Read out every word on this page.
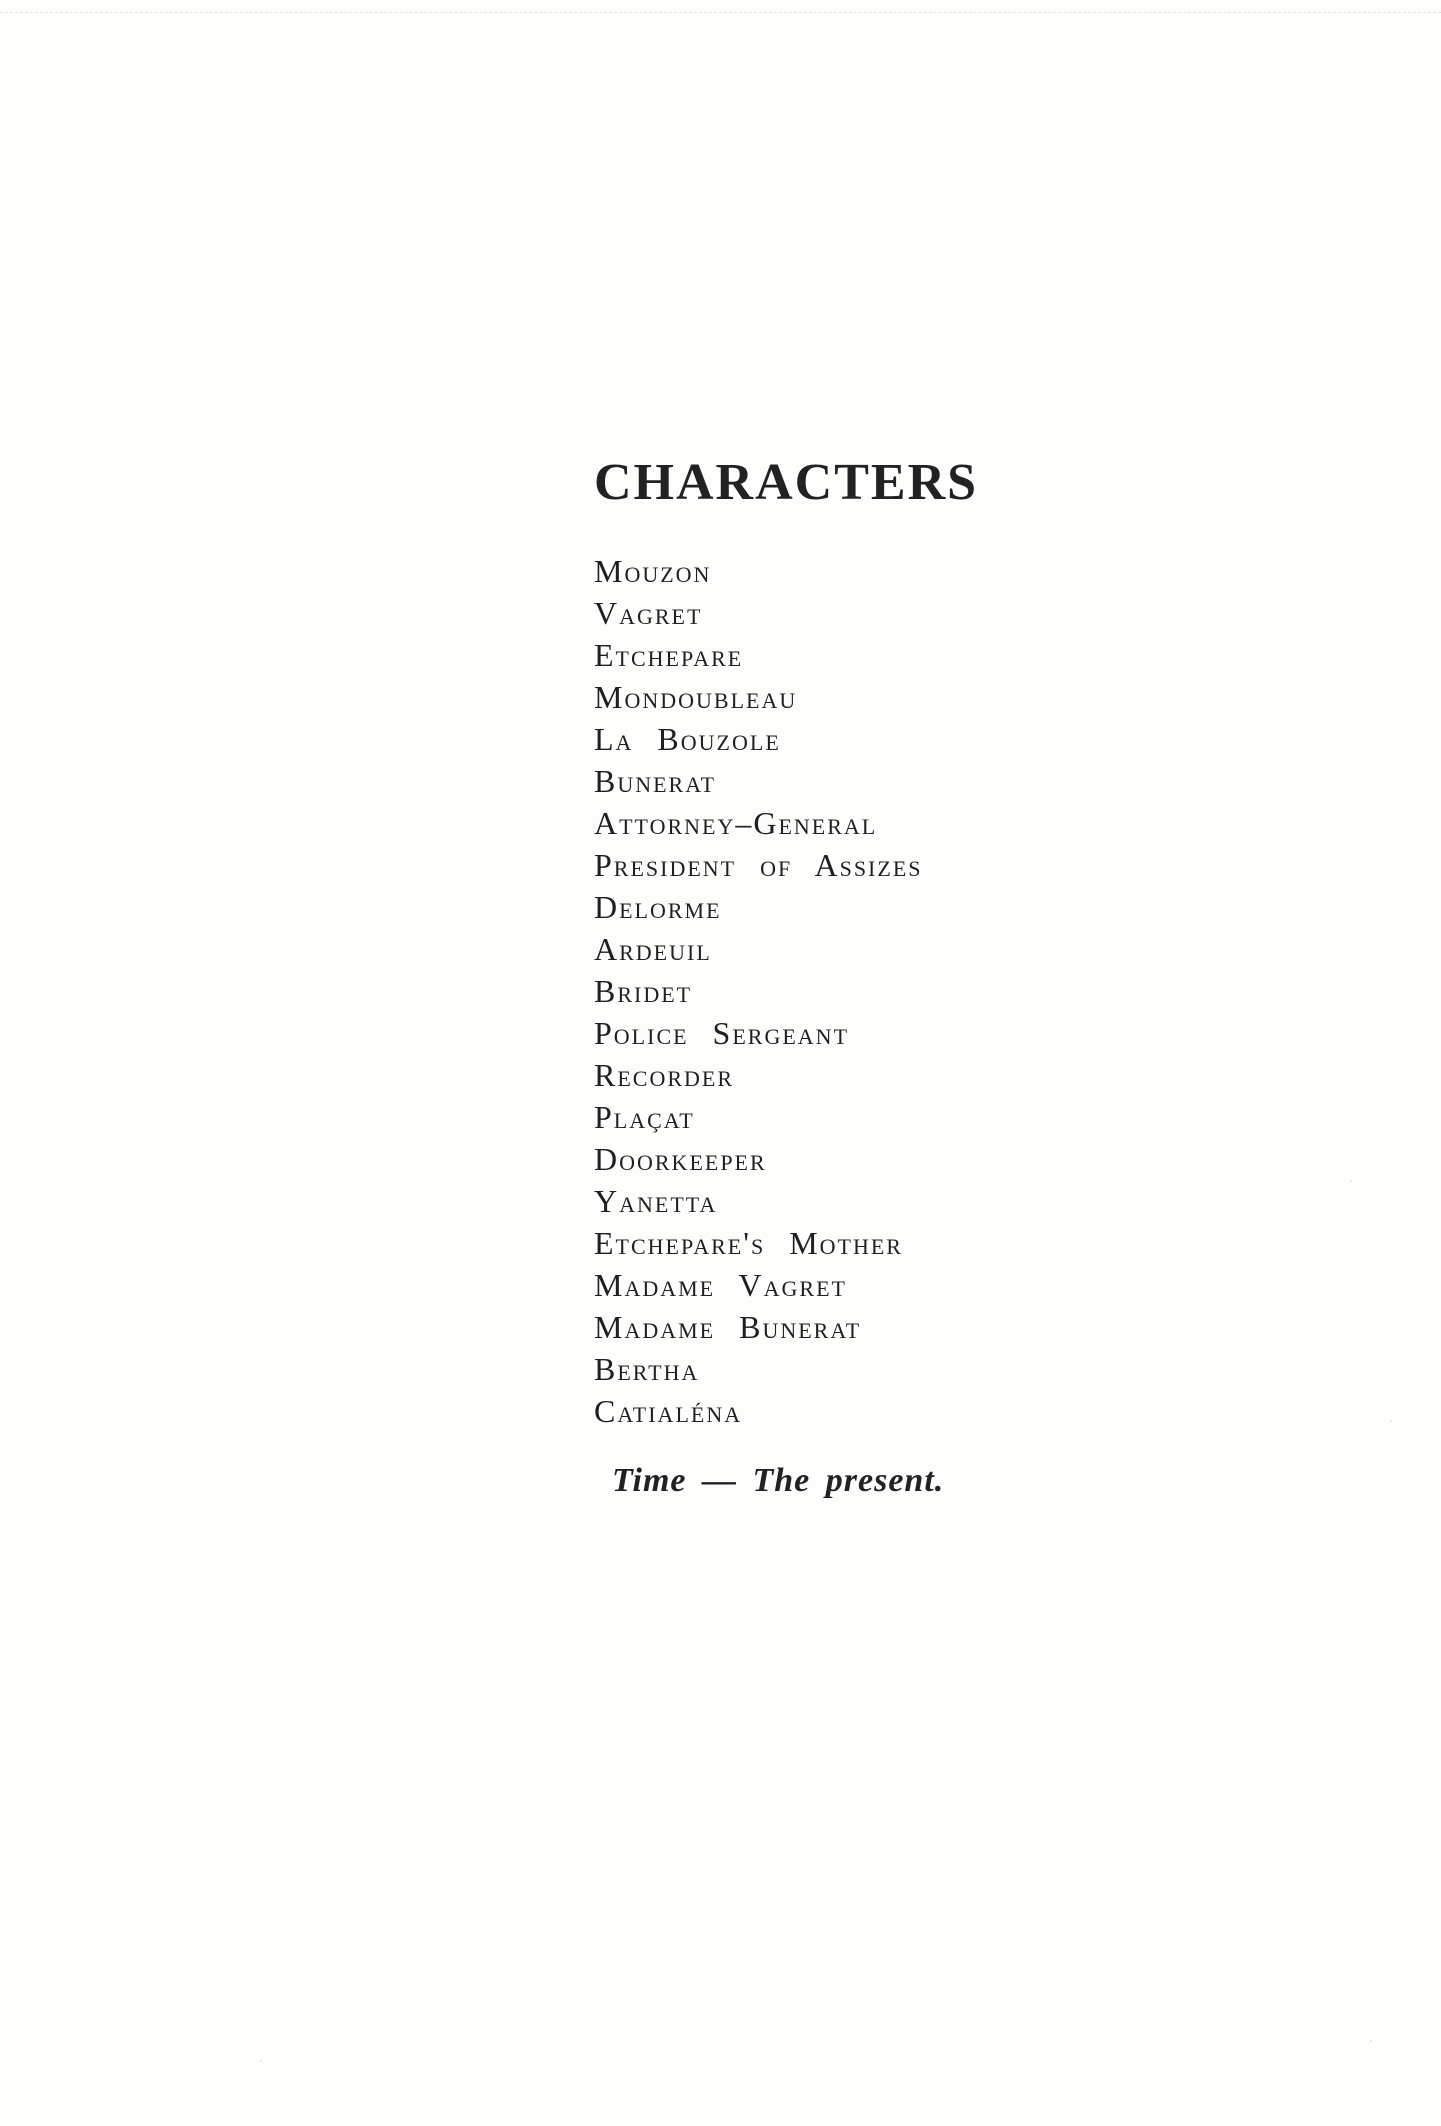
CHARACTERS
Mouzon
Vagret
Etchepare
Mondoubleau
La Bouzole
Bunerat
Attorney–General
President of Assizes
Delorme
Ardeuil
Bridet
Police Sergeant
Recorder
Plaçat
Doorkeeper
Yanetta
Etchepare's Mother
Madame Vagret
Madame Bunerat
Bertha
Catialéna
Time — The present.
